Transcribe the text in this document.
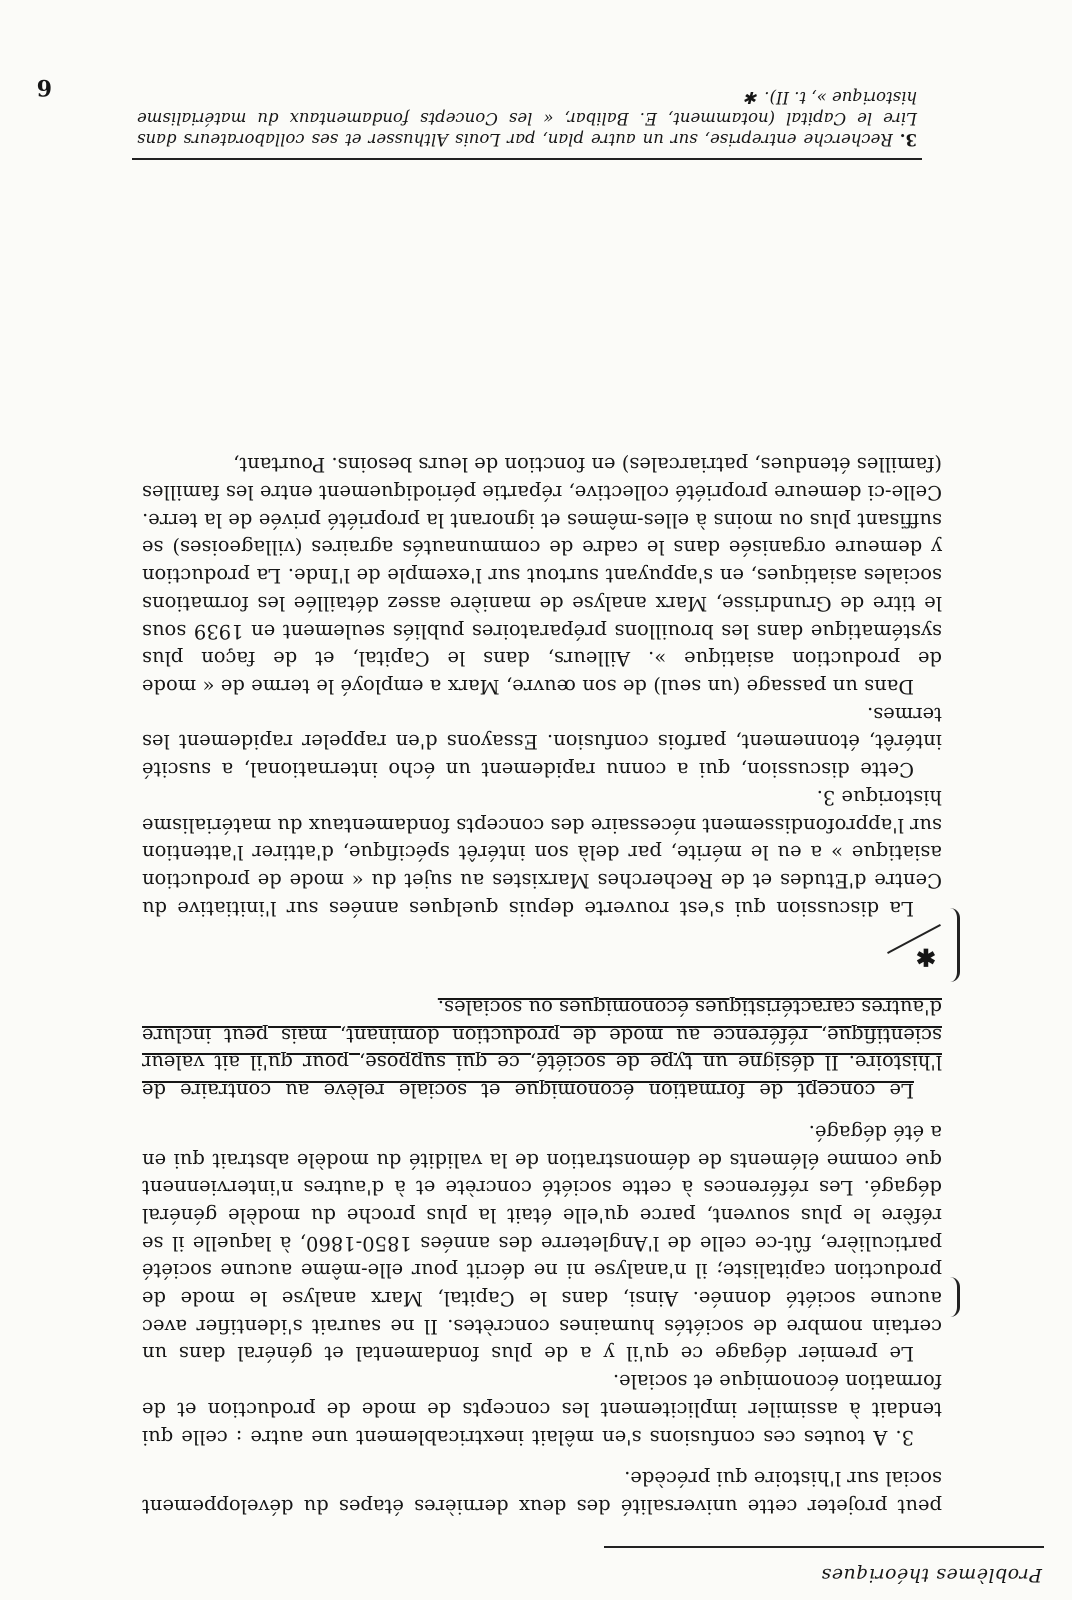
Problèmes théoriques

peut projeter cette universalité des deux dernières étapes du développement social sur l'histoire qui précède.

3. A toutes ces confusions s'en mêlait inextricablement une autre : celle qui tendait à assimiler implicitement les concepts de mode de production et de formation économique et sociale.

Le premier dégage ce qu'il y a de plus fondamental et général dans un certain nombre de sociétés humaines concrètes. Il ne saurait s'identifier avec aucune société donnée. Ainsi, dans le Capital, Marx analyse le mode de production capitaliste; il n'analyse ni ne décrit pour elle-même aucune société particulière, fût-ce celle de l'Angleterre des années 1850-1860, à laquelle il se réfère le plus souvent, parce qu'elle était la plus proche du modèle général dégagé. Les références à cette société concrète et à d'autres n'interviennent que comme éléments de démonstration de la validité du modèle abstrait qui en a été dégagé.

Le concept de formation économique et sociale relève au contraire de l'histoire. Il désigne un type de société, ce qui suppose, pour qu'il ait valeur scientifique, référence au mode de production dominant, mais peut inclure d'autres caractéristiques économiques ou sociales.

✱

La discussion qui s'est rouverte depuis quelques années sur l'initiative du Centre d'Etudes et de Recherches Marxistes au sujet du « mode de production asiatique » a eu le mérite, par delà son intérêt spécifique, d'attirer l'attention sur l'approfondissement nécessaire des concepts fondamentaux du matérialisme historique 3.

Cette discussion, qui a connu rapidement un écho international, a suscité intérêt, étonnement, parfois confusion. Essayons d'en rappeler rapidement les termes.

Dans un passage (un seul) de son œuvre, Marx a employé le terme de « mode de production asiatique ». Ailleurs, dans le Capital, et de façon plus systématique dans les brouillons préparatoires publiés seulement en 1939 sous le titre de Grundrisse, Marx analyse de manière assez détaillée les formations sociales asiatiques, en s'appuyant surtout sur l'exemple de l'Inde. La production y demeure organisée dans le cadre de communautés agraires (villageoises) se suffisant plus ou moins à elles-mêmes et ignorant la propriété privée de la terre. Celle-ci demeure propriété collective, répartie périodiquement entre les familles (familles étendues, patriarcales) en fonction de leurs besoins. Pourtant,

3. Recherche entreprise, sur un autre plan, par Louis Althusser et ses collaborateurs dans Lire le Capital (notamment, E. Balibar, « les Concepts fondamentaux du matérialisme historique », t. II). ✱
6
